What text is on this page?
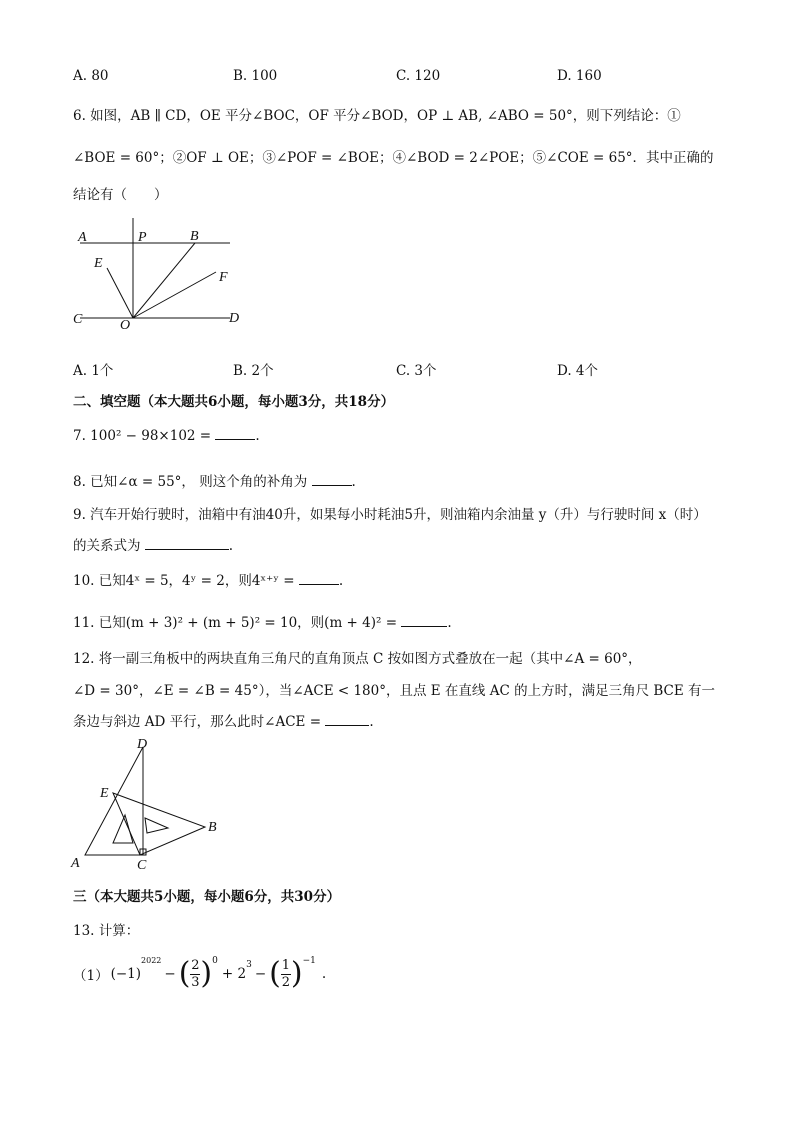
A. 80	B. 100	C. 120	D. 160
6. 如图，AB ∥ CD，OE 平分∠BOC，OF 平分∠BOD，OP ⊥ AB, ∠ABO = 50°，则下列结论：①
∠BOE = 60°；②OF ⊥ OE；③∠POF = ∠BOE；④∠BOD = 2∠POE；⑤∠COE = 65°．其中正确的
结论有（　　）
A	P	B
E
F
C	O	D
A. 1个	B. 2个	C. 3个	D. 4个
二、填空题（本大题共6小题，每小题3分，共18分）
7. 100² − 98×102 =	.
8. 已知∠α = 55°， 则这个角的补角为	.
9. 汽车开始行驶时，油箱中有油40升，如果每小时耗油5升，则油箱内余油量 y（升）与行驶时间 x（时）
的关系式为	.
10. 已知4ˣ = 5，4ʸ = 2，则4ˣ⁺ʸ =	.
11. 已知(m + 3)² + (m + 5)² = 10，则(m + 4)² =	.
12. 将一副三角板中的两块直角三角尺的直角顶点 C 按如图方式叠放在一起（其中∠A = 60°，
∠D = 30°，∠E = ∠B = 45°），当∠ACE < 180°，且点 E 在直线 AC 的上方时，满足三角尺 BCE 有一
条边与斜边 AD 平行，那么此时∠ACE =	.
D
E
B
A	C
三（本大题共5小题，每小题6分，共30分）
13. 计算：
（1） (−1)
2022
− ( 2
3 )$^0$
+ 2
$^3$
− ( 1
2 )$^{-1}$
.
